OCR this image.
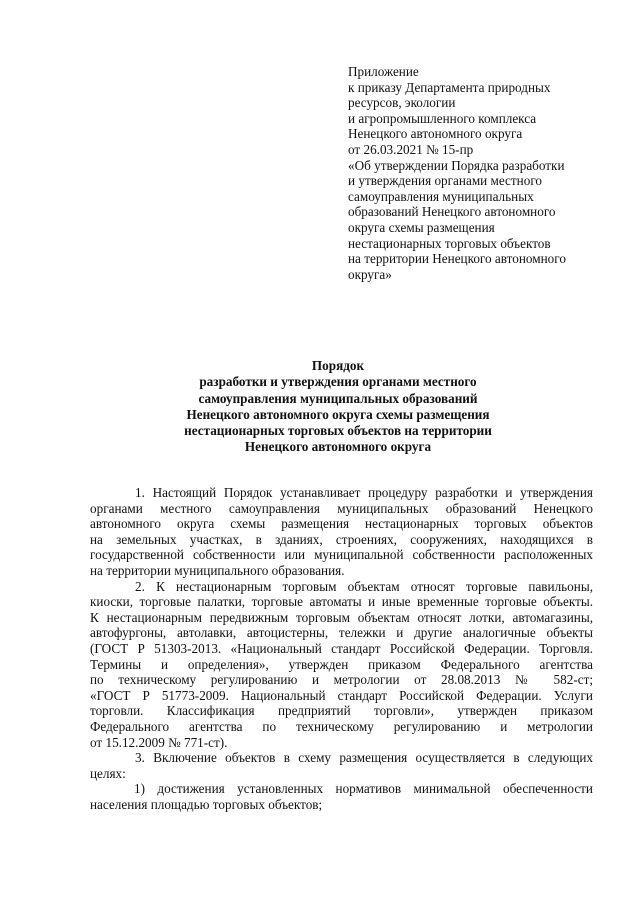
Приложение
к приказу Департамента природных
ресурсов, экологии
и агропромышленного комплекса
Ненецкого автономного округа
от 26.03.2021 № 15-пр
«Об утверждении Порядка разработки
и утверждения органами местного
самоуправления муниципальных
образований Ненецкого автономного
округа схемы размещения
нестационарных торговых объектов
на территории Ненецкого автономного
округа»
Порядок
разработки и утверждения органами местного
самоуправления муниципальных образований
Ненецкого автономного округа схемы размещения
нестационарных торговых объектов на территории
Ненецкого автономного округа
1. Настоящий Порядок устанавливает процедуру разработки и утверждения
органами местного самоуправления муниципальных образований Ненецкого
автономного округа схемы размещения нестационарных торговых объектов
на земельных участках, в зданиях, строениях, сооружениях, находящихся в
государственной собственности или муниципальной собственности расположенных
на территории муниципального образования.
2. К нестационарным торговым объектам относят торговые павильоны,
киоски, торговые палатки, торговые автоматы и иные временные торговые объекты.
К нестационарным передвижным торговым объектам относят лотки, автомагазины,
автофургоны, автолавки, автоцистерны, тележки и другие аналогичные объекты
(ГОСТ Р 51303-2013. «Национальный стандарт Российской Федерации. Торговля.
Термины и определения», утвержден приказом Федерального агентства
по техническому регулированию и метрологии от 28.08.2013 № 582-ст;
«ГОСТ Р 51773-2009. Национальный стандарт Российской Федерации. Услуги
торговли. Классификация предприятий торговли», утвержден приказом
Федерального агентства по техническому регулированию и метрологии
от 15.12.2009 № 771-ст).
3. Включение объектов в схему размещения осуществляется в следующих
целях:
1) достижения установленных нормативов минимальной обеспеченности
населения площадью торговых объектов;
